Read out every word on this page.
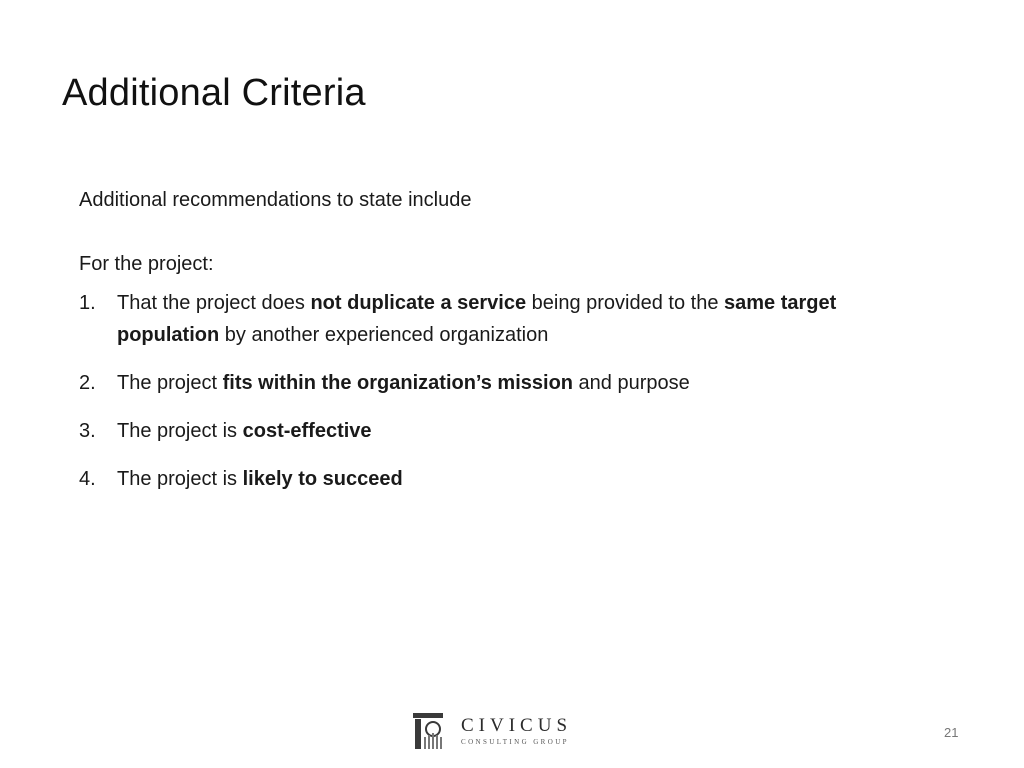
Additional Criteria

Additional recommendations to state include

For the project:

1. That the project does not duplicate a service being provided to the same target population by another experienced organization
2. The project fits within the organization’s mission and purpose
3. The project is cost-effective
4. The project is likely to succeed
CIVICUS
CONSULTING GROUP
21
